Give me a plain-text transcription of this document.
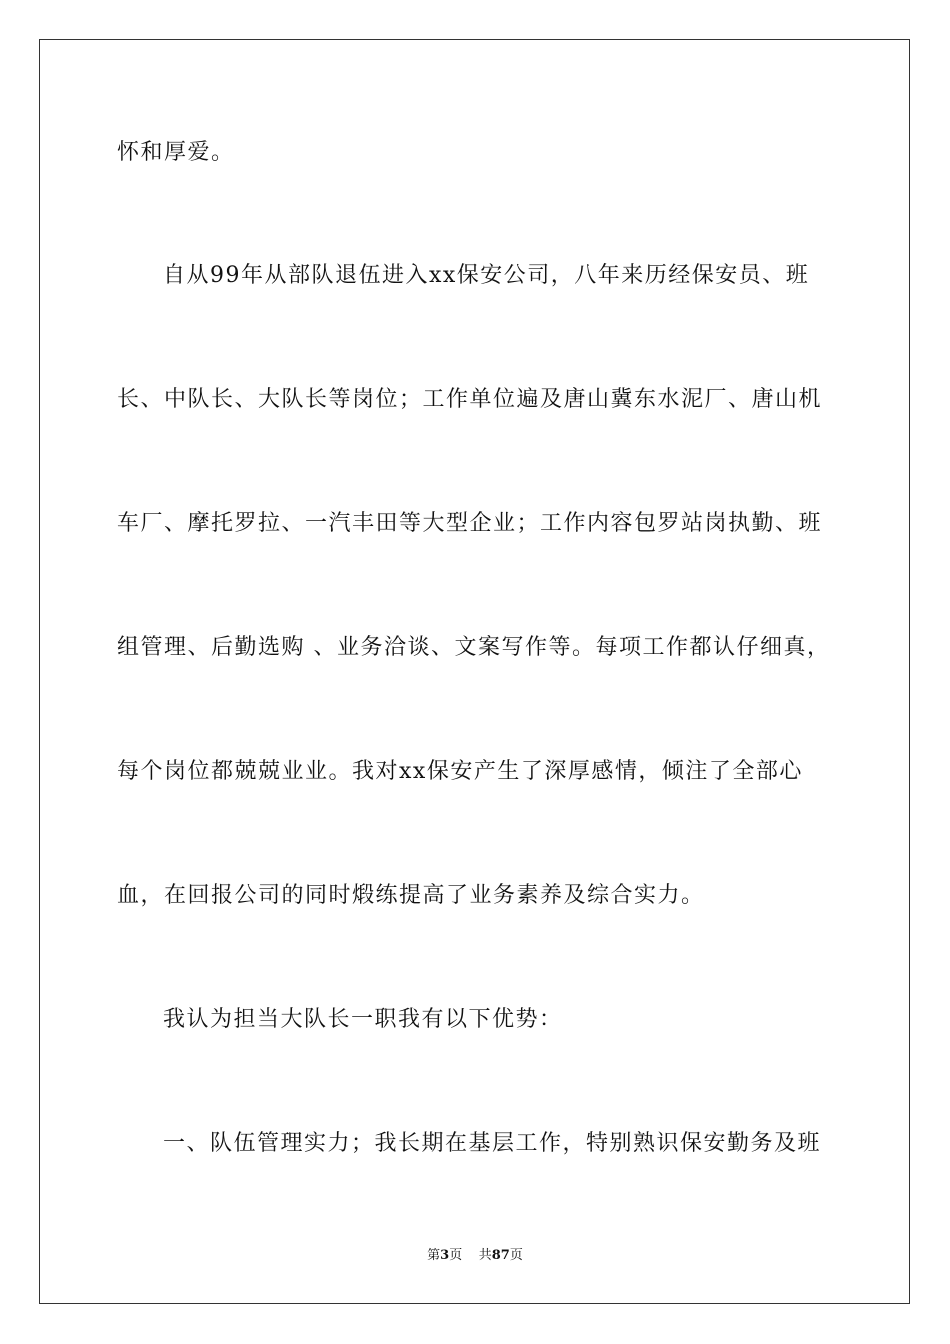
怀和厚爱。
自从99年从部队退伍进入xx保安公司，八年来历经保安员、班
长、中队长、大队长等岗位；工作单位遍及唐山冀东水泥厂、唐山机
车厂、摩托罗拉、一汽丰田等大型企业；工作内容包罗站岗执勤、班
组管理、后勤选购 、业务洽谈、文案写作等。每项工作都认仔细真，
每个岗位都兢兢业业。我对xx保安产生了深厚感情，倾注了全部心
血，在回报公司的同时煅练提高了业务素养及综合实力。
我认为担当大队长一职我有以下优势：
一、队伍管理实力；我长期在基层工作，特别熟识保安勤务及班
第3页 共87页
